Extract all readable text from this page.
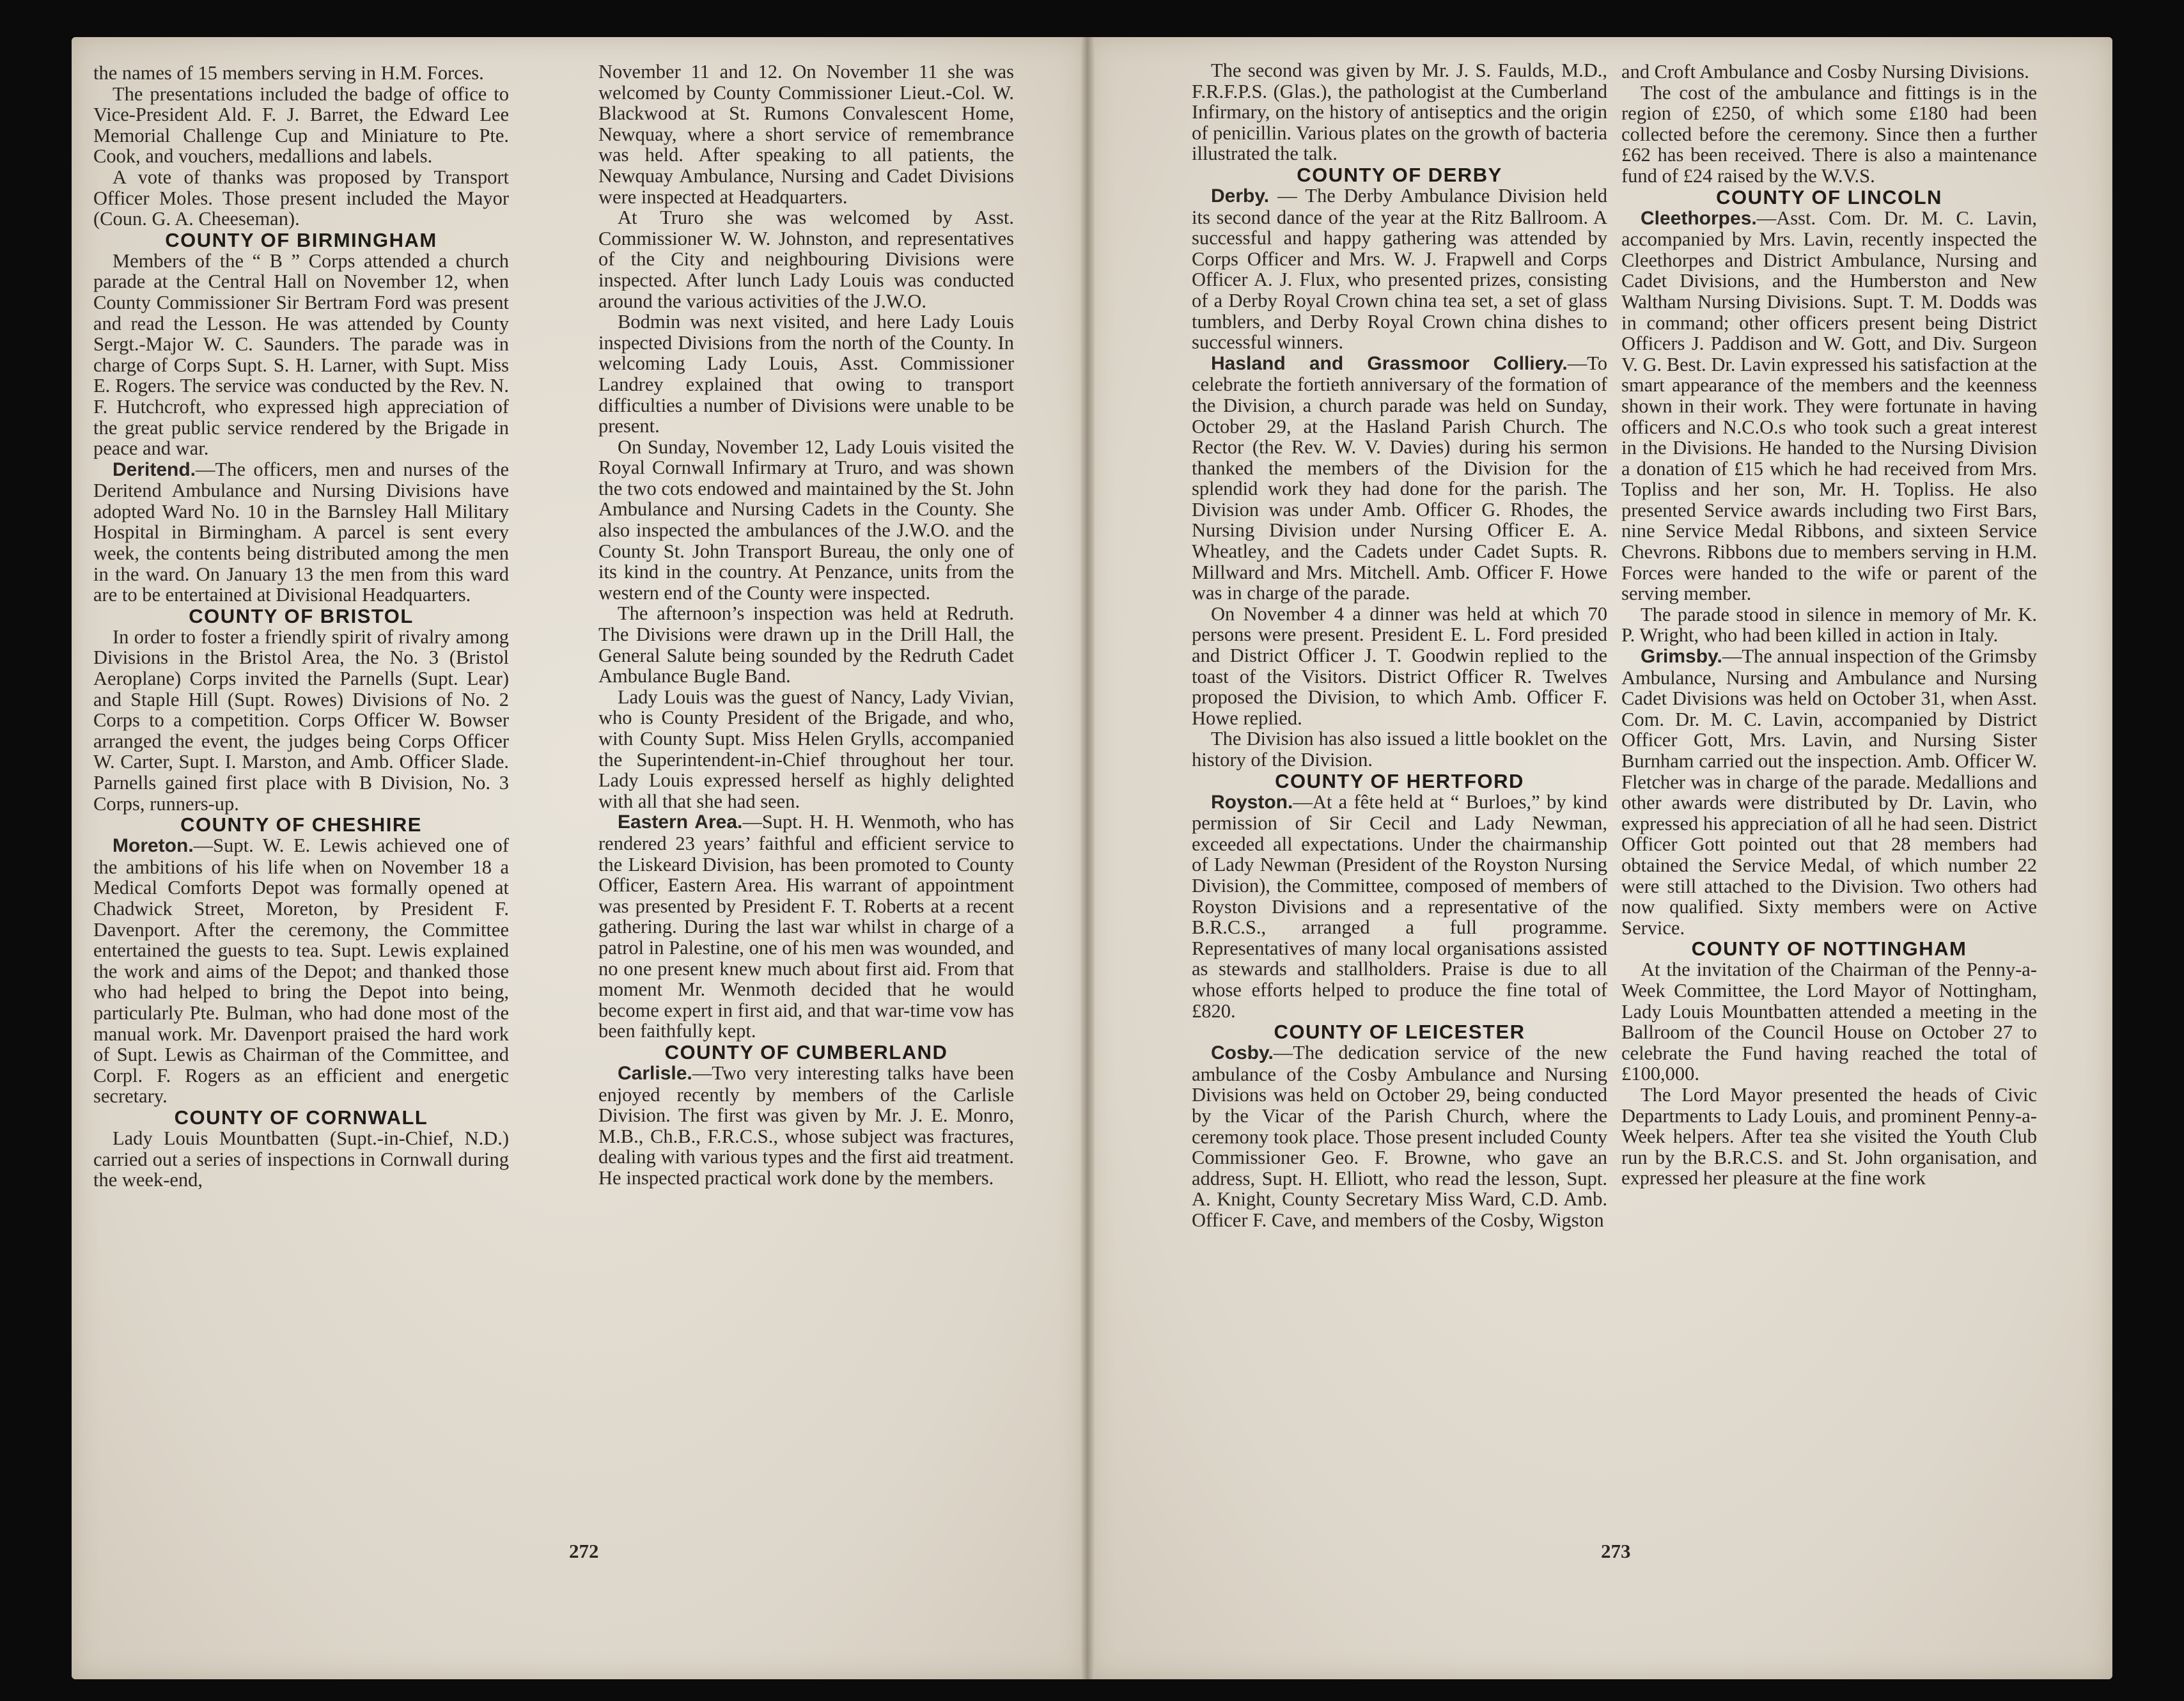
the names of 15 members serving in H.M. Forces.

The presentations included the badge of office to Vice-President Ald. F. J. Barret, the Edward Lee Memorial Challenge Cup and Miniature to Pte. Cook, and vouchers, medallions and labels.

A vote of thanks was proposed by Transport Officer Moles. Those present included the Mayor (Coun. G. A. Cheeseman).

COUNTY OF BIRMINGHAM

Members of the “ B ” Corps attended a church parade at the Central Hall on November 12, when County Commissioner Sir Bertram Ford was present and read the Lesson. He was attended by County Sergt.-Major W. C. Saunders. The parade was in charge of Corps Supt. S. H. Larner, with Supt. Miss E. Rogers. The service was conducted by the Rev. N. F. Hutchcroft, who expressed high appreciation of the great public service rendered by the Brigade in peace and war.

Deritend.—The officers, men and nurses of the Deritend Ambulance and Nursing Divisions have adopted Ward No. 10 in the Barnsley Hall Military Hospital in Birmingham. A parcel is sent every week, the contents being distributed among the men in the ward. On January 13 the men from this ward are to be entertained at Divisional Headquarters.

COUNTY OF BRISTOL

In order to foster a friendly spirit of rivalry among Divisions in the Bristol Area, the No. 3 (Bristol Aeroplane) Corps invited the Parnells (Supt. Lear) and Staple Hill (Supt. Rowes) Divisions of No. 2 Corps to a competition. Corps Officer W. Bowser arranged the event, the judges being Corps Officer W. Carter, Supt. I. Marston, and Amb. Officer Slade. Parnells gained first place with B Division, No. 3 Corps, runners-up.

COUNTY OF CHESHIRE

Moreton.—Supt. W. E. Lewis achieved one of the ambitions of his life when on November 18 a Medical Comforts Depot was formally opened at Chadwick Street, Moreton, by President F. Davenport. After the ceremony, the Committee entertained the guests to tea. Supt. Lewis explained the work and aims of the Depot; and thanked those who had helped to bring the Depot into being, particularly Pte. Bulman, who had done most of the manual work. Mr. Davenport praised the hard work of Supt. Lewis as Chairman of the Committee, and Corpl. F. Rogers as an efficient and energetic secretary.

COUNTY OF CORNWALL

Lady Louis Mountbatten (Supt.-in-Chief, N.D.) carried out a series of inspections in Cornwall during the week-end,

November 11 and 12. On November 11 she was welcomed by County Commissioner Lieut.-Col. W. Blackwood at St. Rumons Convalescent Home, Newquay, where a short service of remembrance was held. After speaking to all patients, the Newquay Ambulance, Nursing and Cadet Divisions were inspected at Headquarters.

At Truro she was welcomed by Asst. Commissioner W. W. Johnston, and representatives of the City and neighbouring Divisions were inspected. After lunch Lady Louis was conducted around the various activities of the J.W.O.

Bodmin was next visited, and here Lady Louis inspected Divisions from the north of the County. In welcoming Lady Louis, Asst. Commissioner Landrey explained that owing to transport difficulties a number of Divisions were unable to be present.

On Sunday, November 12, Lady Louis visited the Royal Cornwall Infirmary at Truro, and was shown the two cots endowed and maintained by the St. John Ambulance and Nursing Cadets in the County. She also inspected the ambulances of the J.W.O. and the County St. John Transport Bureau, the only one of its kind in the country. At Penzance, units from the western end of the County were inspected.

The afternoon’s inspection was held at Redruth. The Divisions were drawn up in the Drill Hall, the General Salute being sounded by the Redruth Cadet Ambulance Bugle Band.

Lady Louis was the guest of Nancy, Lady Vivian, who is County President of the Brigade, and who, with County Supt. Miss Helen Grylls, accompanied the Superintendent-in-Chief throughout her tour. Lady Louis expressed herself as highly delighted with all that she had seen.

Eastern Area.—Supt. H. H. Wenmoth, who has rendered 23 years’ faithful and efficient service to the Liskeard Division, has been promoted to County Officer, Eastern Area. His warrant of appointment was presented by President F. T. Roberts at a recent gathering. During the last war whilst in charge of a patrol in Palestine, one of his men was wounded, and no one present knew much about first aid. From that moment Mr. Wenmoth decided that he would become expert in first aid, and that war-time vow has been faithfully kept.

COUNTY OF CUMBERLAND

Carlisle.—Two very interesting talks have been enjoyed recently by members of the Carlisle Division. The first was given by Mr. J. E. Monro, M.B., Ch.B., F.R.C.S., whose subject was fractures, dealing with various types and the first aid treatment. He inspected practical work done by the members.

The second was given by Mr. J. S. Faulds, M.D., F.R.F.P.S. (Glas.), the pathologist at the Cumberland Infirmary, on the history of antiseptics and the origin of penicillin. Various plates on the growth of bacteria illustrated the talk.

COUNTY OF DERBY

Derby. — The Derby Ambulance Division held its second dance of the year at the Ritz Ballroom. A successful and happy gathering was attended by Corps Officer and Mrs. W. J. Frapwell and Corps Officer A. J. Flux, who presented prizes, consisting of a Derby Royal Crown china tea set, a set of glass tumblers, and Derby Royal Crown china dishes to successful winners.

Hasland and Grassmoor Colliery.—To celebrate the fortieth anniversary of the formation of the Division, a church parade was held on Sunday, October 29, at the Hasland Parish Church. The Rector (the Rev. W. V. Davies) during his sermon thanked the members of the Division for the splendid work they had done for the parish. The Division was under Amb. Officer G. Rhodes, the Nursing Division under Nursing Officer E. A. Wheatley, and the Cadets under Cadet Supts. R. Millward and Mrs. Mitchell. Amb. Officer F. Howe was in charge of the parade.

On November 4 a dinner was held at which 70 persons were present. President E. L. Ford presided and District Officer J. T. Goodwin replied to the toast of the Visitors. District Officer R. Twelves proposed the Division, to which Amb. Officer F. Howe replied.

The Division has also issued a little booklet on the history of the Division.

COUNTY OF HERTFORD

Royston.—At a fête held at “ Burloes,” by kind permission of Sir Cecil and Lady Newman, exceeded all expectations. Under the chairmanship of Lady Newman (President of the Royston Nursing Division), the Committee, composed of members of Royston Divisions and a representative of the B.R.C.S., arranged a full programme. Representatives of many local organisations assisted as stewards and stallholders. Praise is due to all whose efforts helped to produce the fine total of £820.

COUNTY OF LEICESTER

Cosby.—The dedication service of the new ambulance of the Cosby Ambulance and Nursing Divisions was held on October 29, being conducted by the Vicar of the Parish Church, where the ceremony took place. Those present included County Commissioner Geo. F. Browne, who gave an address, Supt. H. Elliott, who read the lesson, Supt. A. Knight, County Secretary Miss Ward, C.D. Amb. Officer F. Cave, and members of the Cosby, Wigston

and Croft Ambulance and Cosby Nursing Divisions.

The cost of the ambulance and fittings is in the region of £250, of which some £180 had been collected before the ceremony. Since then a further £62 has been received. There is also a maintenance fund of £24 raised by the W.V.S.

COUNTY OF LINCOLN

Cleethorpes.—Asst. Com. Dr. M. C. Lavin, accompanied by Mrs. Lavin, recently inspected the Cleethorpes and District Ambulance, Nursing and Cadet Divisions, and the Humberston and New Waltham Nursing Divisions. Supt. T. M. Dodds was in command; other officers present being District Officers J. Paddison and W. Gott, and Div. Surgeon V. G. Best. Dr. Lavin expressed his satisfaction at the smart appearance of the members and the keenness shown in their work. They were fortunate in having officers and N.C.O.s who took such a great interest in the Divisions. He handed to the Nursing Division a donation of £15 which he had received from Mrs. Topliss and her son, Mr. H. Topliss. He also presented Service awards including two First Bars, nine Service Medal Ribbons, and sixteen Service Chevrons. Ribbons due to members serving in H.M. Forces were handed to the wife or parent of the serving member.

The parade stood in silence in memory of Mr. K. P. Wright, who had been killed in action in Italy.

Grimsby.—The annual inspection of the Grimsby Ambulance, Nursing and Ambulance and Nursing Cadet Divisions was held on October 31, when Asst. Com. Dr. M. C. Lavin, accompanied by District Officer Gott, Mrs. Lavin, and Nursing Sister Burnham carried out the inspection. Amb. Officer W. Fletcher was in charge of the parade. Medallions and other awards were distributed by Dr. Lavin, who expressed his appreciation of all he had seen. District Officer Gott pointed out that 28 members had obtained the Service Medal, of which number 22 were still attached to the Division. Two others had now qualified. Sixty members were on Active Service.

COUNTY OF NOTTINGHAM

At the invitation of the Chairman of the Penny-a-Week Committee, the Lord Mayor of Nottingham, Lady Louis Mountbatten attended a meeting in the Ballroom of the Council House on October 27 to celebrate the Fund having reached the total of £100,000.

The Lord Mayor presented the heads of Civic Departments to Lady Louis, and prominent Penny-a-Week helpers. After tea she visited the Youth Club run by the B.R.C.S. and St. John organisation, and expressed her pleasure at the fine work

272	273
